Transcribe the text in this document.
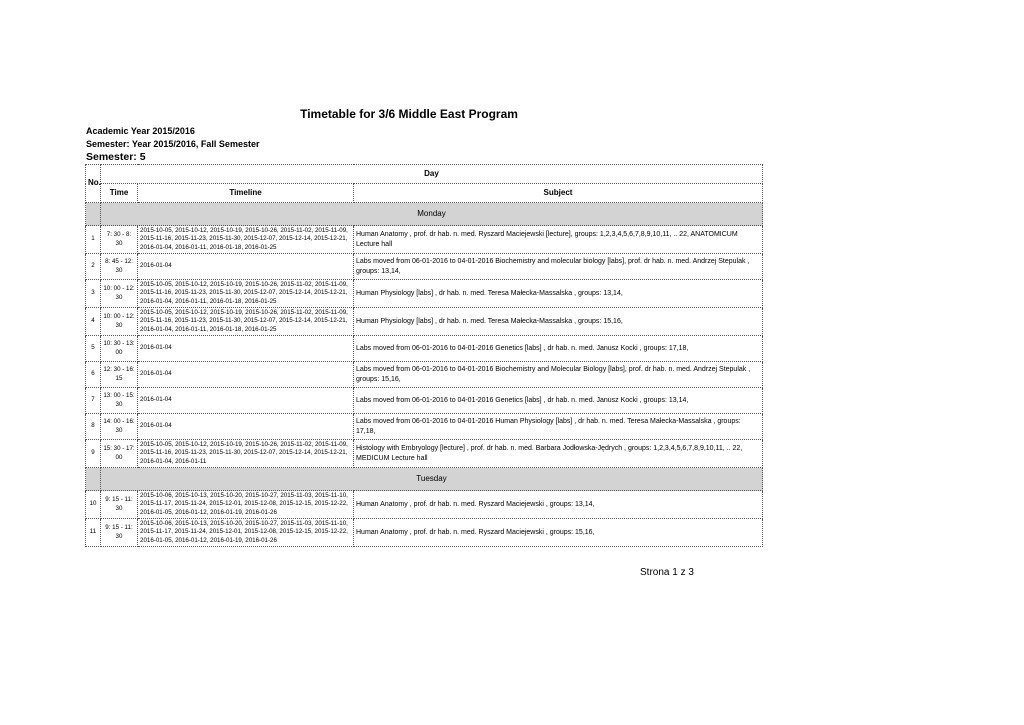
Timetable for 3/6 Middle East Program
Academic Year 2015/2016
Semester: Year 2015/2016, Fall Semester
Semester: 5
No.	Day		
	Time	Timeline	Subject
	Monday		
1	7: 30 - 8: 30	2015-10-05, 2015-10-12, 2015-10-19, 2015-10-26, 2015-11-02, 2015-11-09, 2015-11-16, 2015-11-23, 2015-11-30, 2015-12-07, 2015-12-14, 2015-12-21, 2016-01-04, 2016-01-11, 2016-01-18, 2016-01-25	Human Anatomy , prof. dr hab. n. med. Ryszard Maciejewski [lecture], groups: 1,2,3,4,5,6,7,8,9,10,11, .. 22, ANATOMICUM Lecture hall
2	8: 45 - 12: 30	2016-01-04	Labs moved from 06-01-2016 to 04-01-2016 Biochemistry and molecular biology [labs], prof. dr hab. n. med. Andrzej Stepulak , groups: 13,14,
3	10: 00 - 12: 30	2015-10-05, 2015-10-12, 2015-10-19, 2015-10-26, 2015-11-02, 2015-11-09, 2015-11-16, 2015-11-23, 2015-11-30, 2015-12-07, 2015-12-14, 2015-12-21, 2016-01-04, 2016-01-11, 2016-01-18, 2016-01-25	Human Physiology [labs] , dr hab. n. med. Teresa Małecka-Massalska , groups: 13,14,
4	10: 00 - 12: 30	2015-10-05, 2015-10-12, 2015-10-19, 2015-10-26, 2015-11-02, 2015-11-09, 2015-11-16, 2015-11-23, 2015-11-30, 2015-12-07, 2015-12-14, 2015-12-21, 2016-01-04, 2016-01-11, 2016-01-18, 2016-01-25	Human Physiology [labs] , dr hab. n. med. Teresa Małecka-Massalska , groups: 15,16,
5	10: 30 - 13: 00	2016-01-04	Labs moved from 06-01-2016 to 04-01-2016 Genetics [labs] , dr hab. n. med. Janusz Kocki , groups: 17,18,
6	12: 30 - 16: 15	2016-01-04	Labs moved from 06-01-2016 to 04-01-2016 Biochemistry and Molecular Biology [labs], prof. dr hab. n. med. Andrzej Stepulak , groups: 15,16,
7	13: 00 - 15: 30	2016-01-04	Labs moved from 06-01-2016 to 04-01-2016 Genetics [labs] , dr hab. n. med. Janusz Kocki , groups: 13,14,
8	14: 00 - 16: 30	2016-01-04	Labs moved from 06-01-2016 to 04-01-2016 Human Physiology [labs] , dr hab. n. med. Teresa Małecka-Massalska , groups: 17,18,
9	15: 30 - 17: 00	2015-10-05, 2015-10-12, 2015-10-19, 2015-10-26, 2015-11-02, 2015-11-09, 2015-11-16, 2015-11-23, 2015-11-30, 2015-12-07, 2015-12-14, 2015-12-21, 2016-01-04, 2016-01-11	Histology with Embryology [lecture] , prof. dr hab. n. med. Barbara Jodłowska-Jędrych , groups: 1,2,3,4,5,6,7,8,9,10,11, .. 22, MEDICUM Lecture hall
	Tuesday		
10	9: 15 - 11: 30	2015-10-06, 2015-10-13, 2015-10-20, 2015-10-27, 2015-11-03, 2015-11-10, 2015-11-17, 2015-11-24, 2015-12-01, 2015-12-08, 2015-12-15, 2015-12-22, 2016-01-05, 2016-01-12, 2016-01-19, 2016-01-26	Human Anatomy , prof. dr hab. n. med. Ryszard Maciejewski , groups: 13,14,
11	9: 15 - 11: 30	2015-10-06, 2015-10-13, 2015-10-20, 2015-10-27, 2015-11-03, 2015-11-10, 2015-11-17, 2015-11-24, 2015-12-01, 2015-12-08, 2015-12-15, 2015-12-22, 2016-01-05, 2016-01-12, 2016-01-19, 2016-01-26	Human Anatomy , prof. dr hab. n. med. Ryszard Maciejewski , groups: 15,16,
Strona 1 z 3
